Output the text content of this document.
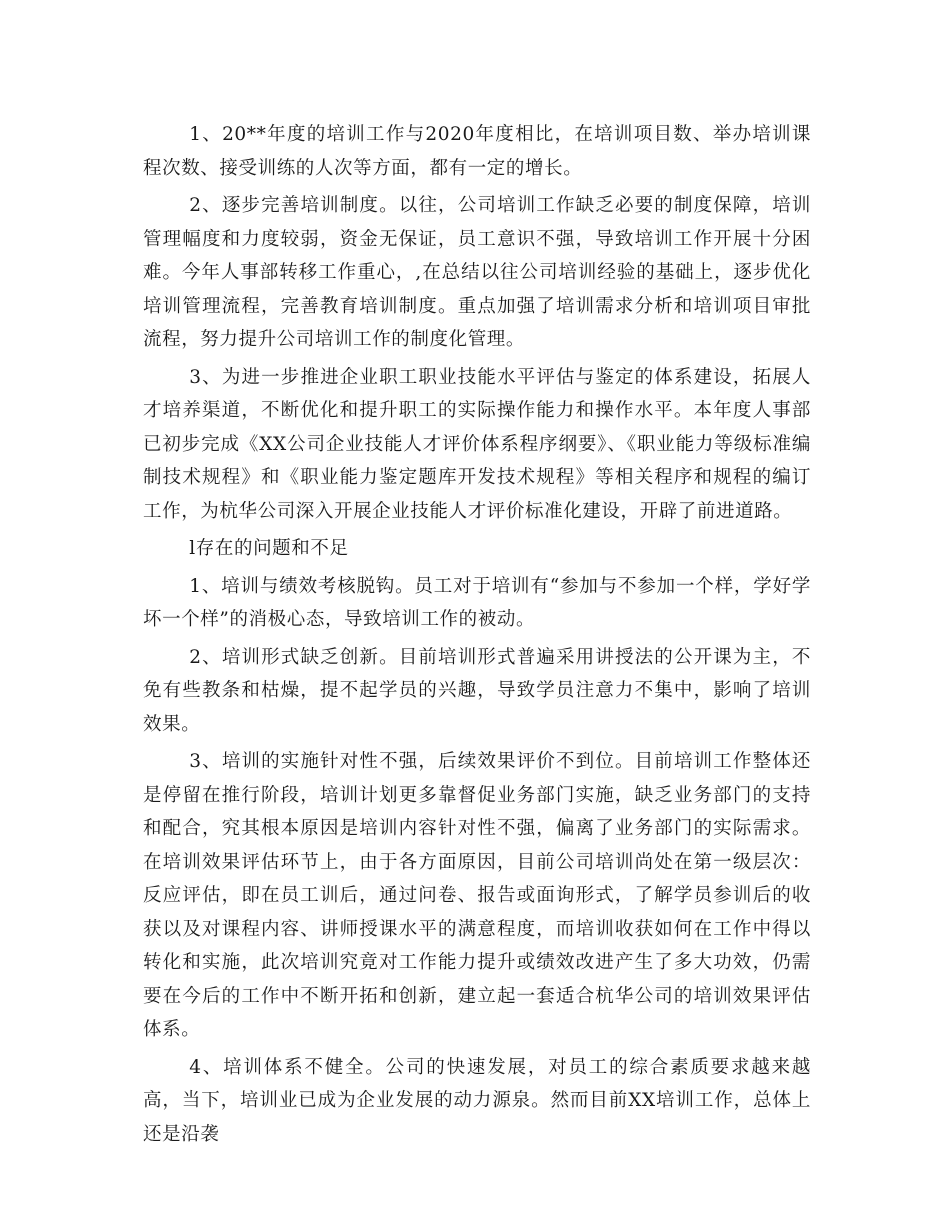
1、20**年度的培训工作与2020年度相比，在培训项目数、举办培训课程次数、接受训练的人次等方面，都有一定的增长。

2、逐步完善培训制度。以往，公司培训工作缺乏必要的制度保障，培训管理幅度和力度较弱，资金无保证，员工意识不强，导致培训工作开展十分困难。今年人事部转移工作重心，,在总结以往公司培训经验的基础上，逐步优化培训管理流程，完善教育培训制度。重点加强了培训需求分析和培训项目审批流程，努力提升公司培训工作的制度化管理。

3、为进一步推进企业职工职业技能水平评估与鉴定的体系建设，拓展人才培养渠道，不断优化和提升职工的实际操作能力和操作水平。本年度人事部已初步完成《XX公司企业技能人才评价体系程序纲要》、《职业能力等级标准编制技术规程》和《职业能力鉴定题库开发技术规程》等相关程序和规程的编订工作，为杭华公司深入开展企业技能人才评价标准化建设，开辟了前进道路。

l存在的问题和不足

1、培训与绩效考核脱钩。员工对于培训有“参加与不参加一个样，学好学坏一个样”的消极心态，导致培训工作的被动。

2、培训形式缺乏创新。目前培训形式普遍采用讲授法的公开课为主，不免有些教条和枯燥，提不起学员的兴趣，导致学员注意力不集中，影响了培训效果。

3、培训的实施针对性不强，后续效果评价不到位。目前培训工作整体还是停留在推行阶段，培训计划更多靠督促业务部门实施，缺乏业务部门的支持和配合，究其根本原因是培训内容针对性不强，偏离了业务部门的实际需求。在培训效果评估环节上，由于各方面原因，目前公司培训尚处在第一级层次：反应评估，即在员工训后，通过问卷、报告或面询形式，了解学员参训后的收获以及对课程内容、讲师授课水平的满意程度，而培训收获如何在工作中得以转化和实施，此次培训究竟对工作能力提升或绩效改进产生了多大功效，仍需要在今后的工作中不断开拓和创新，建立起一套适合杭华公司的培训效果评估体系。

4、培训体系不健全。公司的快速发展，对员工的综合素质要求越来越高，当下，培训业已成为企业发展的动力源泉。然而目前XX培训工作，总体上还是沿袭
